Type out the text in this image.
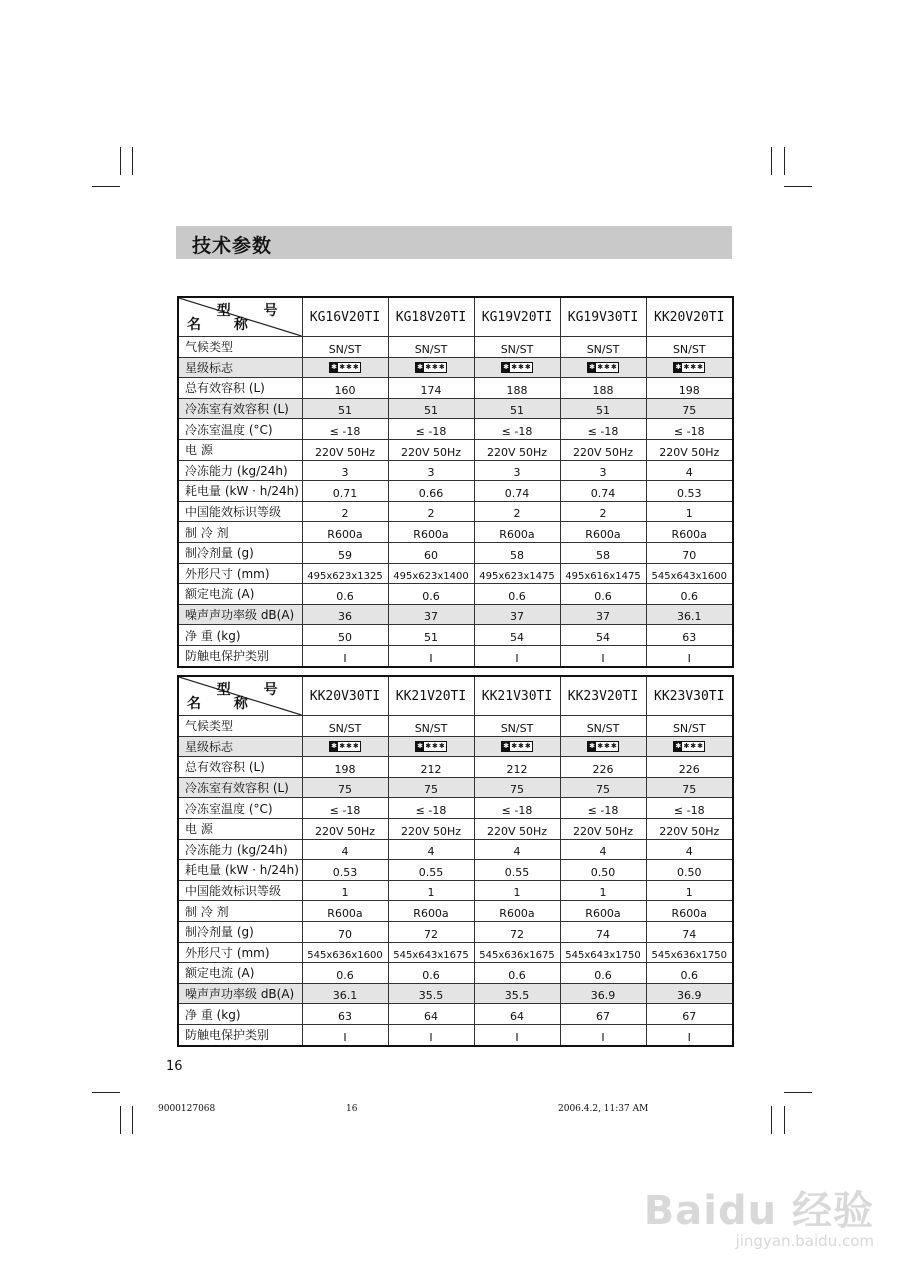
技术参数
型 号
名 称	KG16V20TI	KG18V20TI	KG19V20TI	KG19V30TI	KK20V20TI
气候类型	SN/ST	SN/ST	SN/ST	SN/ST	SN/ST
星级标志	✱ ✱✱✱	✱ ✱✱✱	✱ ✱✱✱	✱ ✱✱✱	✱ ✱✱✱

总有效容积 (L)	160	174	188	188	198
冷冻室有效容积 (L)	51	51	51	51	75
冷冻室温度 (°C)	≤ -18	≤ -18	≤ -18	≤ -18	≤ -18
电 源	220V 50Hz	220V 50Hz	220V 50Hz	220V 50Hz	220V 50Hz
冷冻能力 (kg/24h)	3	3	3	3	4
耗电量 (kW · h/24h)	0.71	0.66	0.74	0.74	0.53
中国能效标识等级	2	2	2	2	1
制 冷 剂	R600a	R600a	R600a	R600a	R600a
制冷剂量 (g)	59	60	58	58	70
外形尺寸 (mm)	495x623x1325	495x623x1400	495x623x1475	495x616x1475	545x643x1600
额定电流 (A)	0.6	0.6	0.6	0.6	0.6
噪声声功率级 dB(A)	36	37	37	37	36.1
净 重 (kg)	50	51	54	54	63
防触电保护类别	I	I	I	I	I
型 号
名 称	KK20V30TI	KK21V20TI	KK21V30TI	KK23V20TI	KK23V30TI
气候类型	SN/ST	SN/ST	SN/ST	SN/ST	SN/ST
星级标志	✱ ✱✱✱	✱ ✱✱✱	✱ ✱✱✱	✱ ✱✱✱	✱ ✱✱✱

总有效容积 (L)	198	212	212	226	226
冷冻室有效容积 (L)	75	75	75	75	75
冷冻室温度 (°C)	≤ -18	≤ -18	≤ -18	≤ -18	≤ -18
电 源	220V 50Hz	220V 50Hz	220V 50Hz	220V 50Hz	220V 50Hz
冷冻能力 (kg/24h)	4	4	4	4	4
耗电量 (kW · h/24h)	0.53	0.55	0.55	0.50	0.50
中国能效标识等级	1	1	1	1	1
制 冷 剂	R600a	R600a	R600a	R600a	R600a
制冷剂量 (g)	70	72	72	74	74
外形尺寸 (mm)	545x636x1600	545x643x1675	545x636x1675	545x643x1750	545x636x1750
额定电流 (A)	0.6	0.6	0.6	0.6	0.6
噪声声功率级 dB(A)	36.1	35.5	35.5	36.9	36.9
净 重 (kg)	63	64	64	67	67
防触电保护类别	I	I	I	I	I
16
9000127068	16	2006.4.2, 11:37 AM
Baidu 经验
jingyan.baidu.com
